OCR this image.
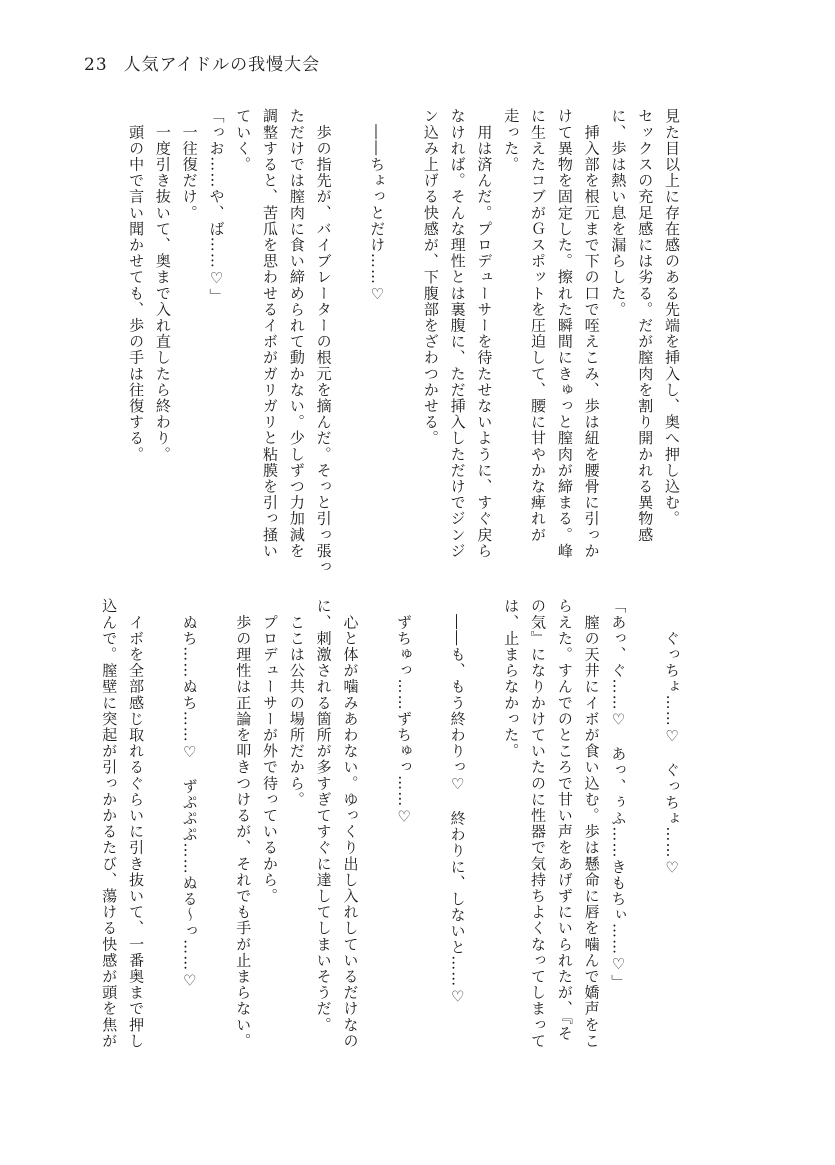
23 人気アイドルの我慢大会
見た目以上に存在感のある先端を挿入し、奥へ押し込む。
セックスの充足感には劣る。だが膣肉を割り開かれる異物感
に、歩は熱い息を漏らした。
　挿入部を根元まで下の口で咥えこみ、歩は紐を腰骨に引っか
けて異物を固定した。擦れた瞬間にきゅっと膣肉が締まる。峰
に生えたコブがＧスポットを圧迫して、腰に甘やかな痺れが
走った。
　用は済んだ。プロデューサーを待たせないように、すぐ戻ら
なければ。そんな理性とは裏腹に、ただ挿入しただけでジンジ
ン込み上げる快感が、下腹部をざわつかせる。

　――ちょっとだけ……♡

　歩の指先が、バイブレーターの根元を摘んだ。そっと引っ張っ
ただけでは膣肉に食い締められて動かない。少しずつ力加減を
調整すると、苦瓜を思わせるイボがガリガリと粘膜を引っ掻い
ていく。
「っお……や、ば……♡」
　一往復だけ。
　一度引き抜いて、奥まで入れ直したら終わり。
　頭の中で言い聞かせても、歩の手は往復する。
　　ぐっちょ……♡　ぐっちょ……♡

「あっ、ぐ……♡　あっ、ぅふ……きもちぃ……♡」
　膣の天井にイボが食い込む。歩は懸命に唇を噛んで嬌声をこ
らえた。すんでのところで甘い声をあげずにいられたが、『そ
の気』になりかけていたのに性器で気持ちよくなってしまって
は、止まらなかった。

　――も、もう終わりっ♡　終わりに、しないと……♡

　ずちゅっ……ずちゅっ……♡

　心と体が噛みあわない。ゆっくり出し入れしているだけなの
に、刺激される箇所が多すぎてすぐに達してしまいそうだ。
　ここは公共の場所だから。
　プロデューサーが外で待っているから。
　歩の理性は正論を叩きつけるが、それでも手が止まらない。

　ぬち……ぬち……♡　ずぷぷぷ……ぬる～っ……♡

　イボを全部感じ取れるぐらいに引き抜いて、一番奥まで押し
込んで。膣壁に突起が引っかかるたび、蕩ける快感が頭を焦が
